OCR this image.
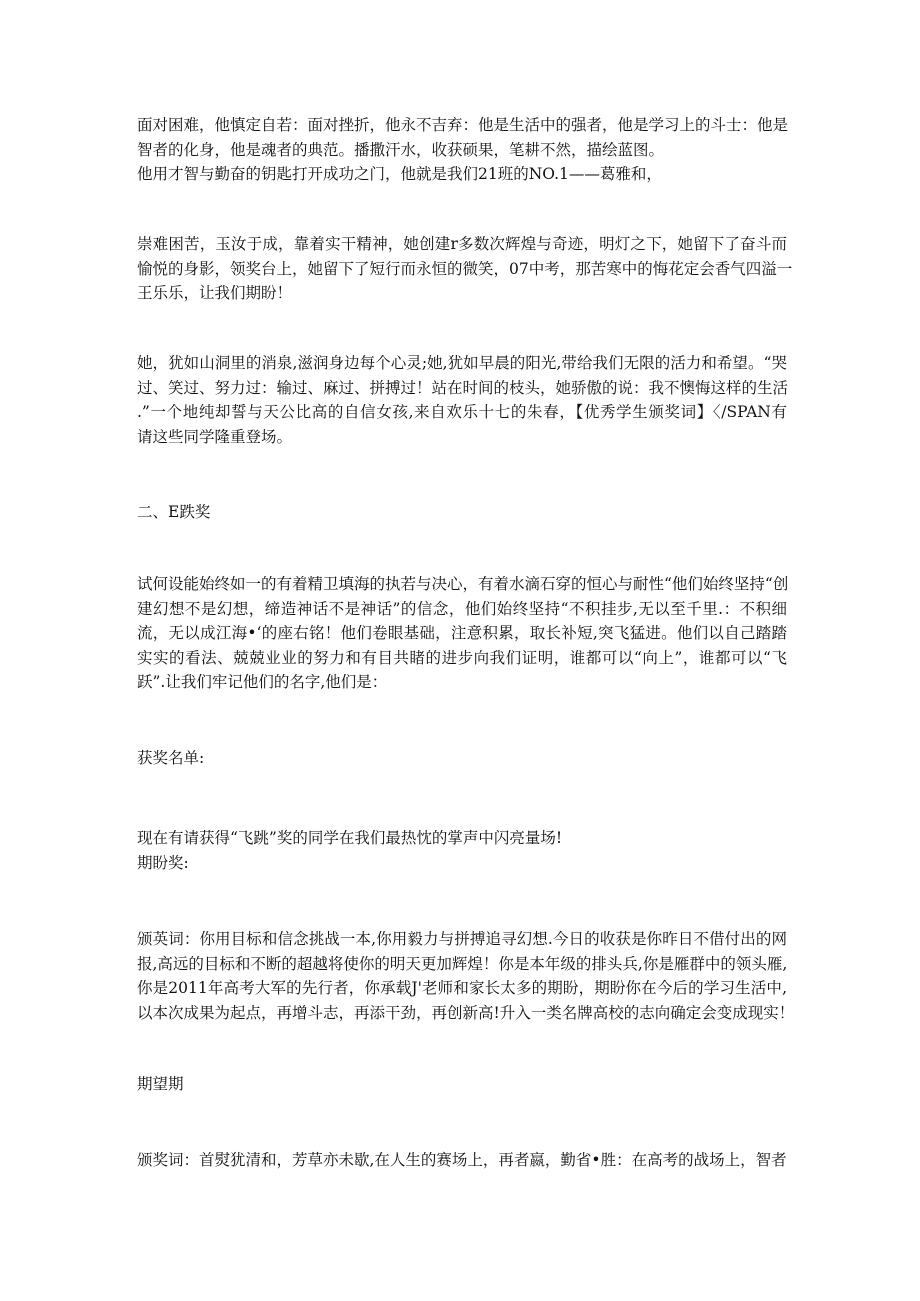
面对困难，他慎定自若：面对挫折，他永不吉弃：他是生活中的强者，他是学习上的斗士：他是
智者的化身，他是魂者的典范。播撒汗水，收获硕果，笔耕不然，描绘蓝图。
他用才智与勤奋的钥匙打开成功之门，他就是我们21班的NO.1——葛雅和，

崇难困苦，玉汝于成，靠着实干精神，她创建r多数次辉煌与奇迹，明灯之下，她留下了奋斗而
愉悦的身影，领奖台上，她留下了短行而永恒的微笑，07中考，那苦寒中的悔花定会香气四溢一
王乐乐，让我们期盼！

她，犹如山洞里的消泉,滋润身边每个心灵;她,犹如早晨的阳光,带给我们无限的活力和希望。“哭
过、笑过、努力过：输过、麻过、拼搏过！站在时间的枝头，她骄傲的说：我不懊悔这样的生活
.”一个地纯却誓与天公比高的自信女孩,来自欢乐十七的朱春，【优秀学生颁奖词】〈/SPAN有
请这些同学隆重登场。

二、E跌奖

试何设能始终如一的有着精卫填海的执若与决心，有着水滴石穿的恒心与耐性“他们始终坚持“创
建幻想不是幻想，缔造神话不是神话”的信念，他们始终坚持“不积挂步,无以至千里.：不积细
流，无以成江海•‘的座右铭！他们卷眼基础，注意积累，取长补短,突飞猛进。他们以自己踏踏
实实的看法、兢兢业业的努力和有目共睹的进步向我们证明，谁都可以“向上”，谁都可以“飞
跃”.让我们牢记他们的名字,他们是：

获奖名单:

现在有请获得“飞跳”奖的同学在我们最热忱的掌声中闪亮量场!
期盼奖:

颁英词：你用目标和信念挑战一本,你用毅力与拼搏追寻幻想.今日的收获是你昨日不借付出的网
报,高远的目标和不断的超越将使你的明天更加辉煌！你是本年级的排头兵,你是雁群中的领头雁,
你是2011年高考大军的先行者，你承载J'老师和家长太多的期盼，期盼你在今后的学习生活中,
以本次成果为起点，再增斗志，再添干劲，再创新高!升入一类名牌高校的志向确定会变成现实！

期望期

颁奖词：首熨犹清和，芳草亦未歇,在人生的赛场上，再者嬴，勤省•胜：在高考的战场上，智者
